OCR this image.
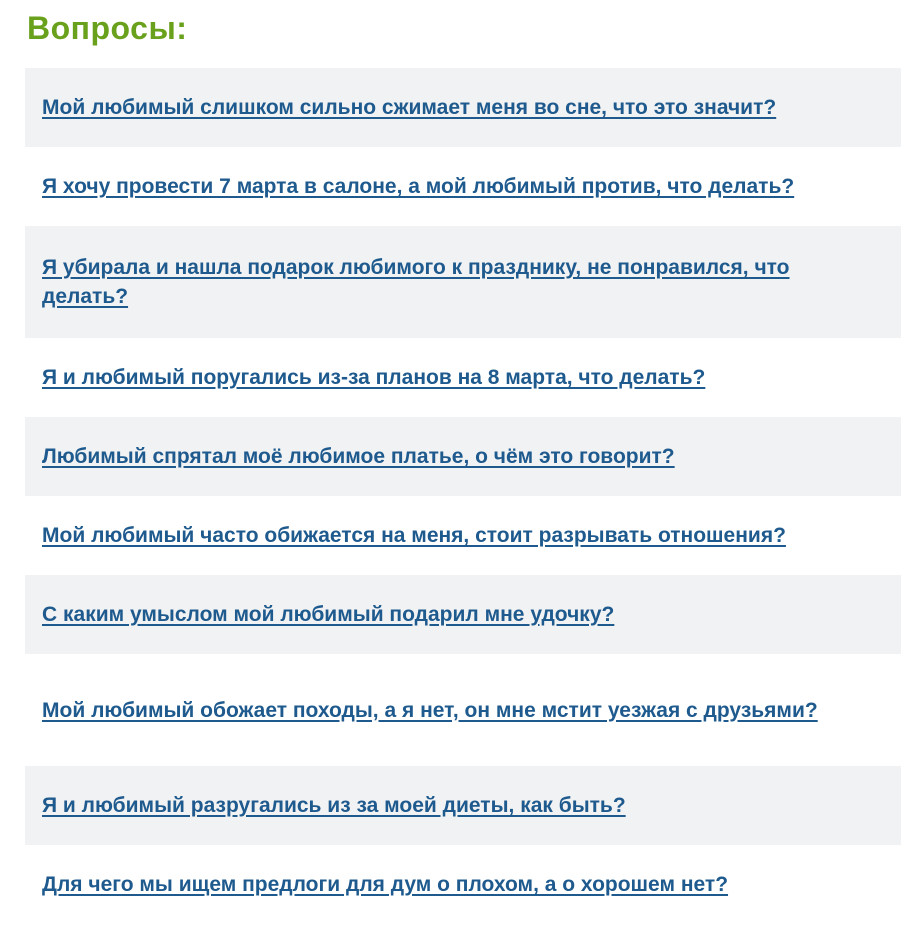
Вопросы:
Мой любимый слишком сильно сжимает меня во сне, что это значит?
Я хочу провести 7 марта в салоне, а мой любимый против, что делать?
Я убирала и нашла подарок любимого к празднику, не понравился, что делать?
Я и любимый поругались из-за планов на 8 марта, что делать?
Любимый спрятал моё любимое платье, о чём это говорит?
Мой любимый часто обижается на меня, стоит разрывать отношения?
С каким умыслом мой любимый подарил мне удочку?
Мой любимый обожает походы, а я нет, он мне мстит уезжая с друзьями?
Я и любимый разругались из за моей диеты, как быть?
Для чего мы ищем предлоги для дум о плохом, а о хорошем нет?
